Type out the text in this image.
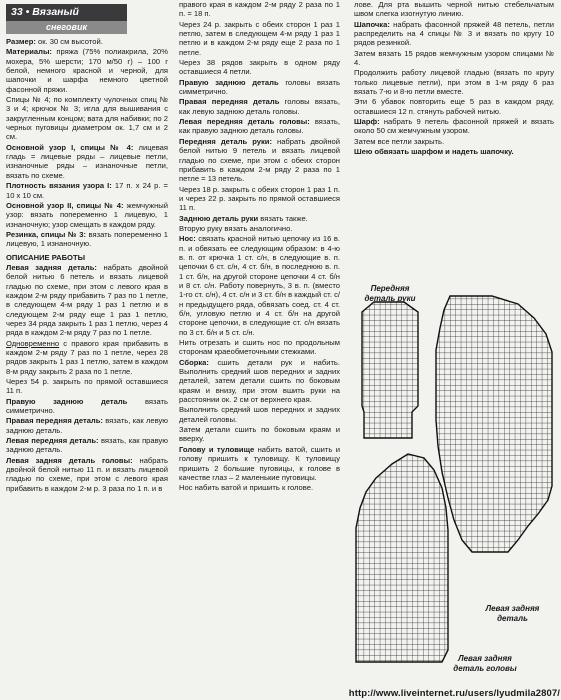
33 • Вязаный
снеговик

Размер: ок. 30 см высотой.

Материалы: пряжа (75% полиакрила, 20% мохера, 5% шерсти; 170 м/50 г) – 100 г белой, немного красной и черной, для шапочки и шарфа немного цветной фасонной пряжи.

Спицы № 4; по комплекту чулочных спиц № 3 и 4; крючок № 3; игла для вышивания с закругленным концом; вата для набивки; по 2 черных пуговицы диаметром ок. 1,7 см и 2 см.

Основной узор I, спицы № 4: лицевая гладь = лицевые ряды – лицевые петли, изнаночные ряды – изнаночные петли, вязать по схеме.

Плотность вязания узора I: 17 п. х 24 р. = 10 х 10 см.

Основной узор II, спицы № 4: жемчужный узор: вязать попеременно 1 лицевую, 1 изнаночную; узор смещать в каждом ряду.

Резинка, спицы № 3: вязать попеременно 1 лицевую, 1 изнаночную.

ОПИСАНИЕ РАБОТЫ

Левая задняя деталь: набрать двойной белой нитью 6 петель и вязать лицевой гладью по схеме, при этом с левого края в каждом 2-м ряду прибавить 7 раз по 1 петле, в следующем 4-м ряду 1 раз 1 петлю и в следующем 2-м ряду еще 1 раз 1 петлю, через 34 ряда закрыть 1 раз 1 петлю, через 4 ряда в каждом 2-м ряду 7 раз по 1 петле.

Одновременно с правого края прибавить в каждом 2-м ряду 7 раз по 1 петле, через 28 рядов закрыть 1 раз 1 петлю, затем в каждом 8-м ряду закрыть 2 раза по 1 петле.

Через 54 р. закрыть по прямой оставшиеся 11 п.

Правую заднюю деталь вязать симметрично.

Правая передняя деталь: вязать, как левую заднюю деталь.

Левая передняя деталь: вязать, как правую заднюю деталь.

Левая задняя деталь головы: набрать двойной белой нитью 11 п. и вязать лицевой гладью по схеме, при этом с левого края прибавить в каждом 2-м р. 3 раза по 1 п. и в

правого края в каждом 2-м ряду 2 раза по 1 п. = 18 п.

Через 24 р. закрыть с обеих сторон 1 раз 1 петлю, затем в следующем 4-м ряду 1 раз 1 петлю и в каждом 2-м ряду еще 2 раза по 1 петле.

Через 38 рядов закрыть в одном ряду оставшиеся 4 петли.

Правую заднюю деталь головы вязать симметрично.

Правая передняя деталь головы вязать, как левую заднюю деталь головы.

Левая передняя деталь головы: вязать, как правую заднюю деталь головы.

Передняя деталь руки: набрать двойной белой нитью 9 петель и вязать лицевой гладью по схеме, при этом с обеих сторон прибавить в каждом 2-м ряду 2 раза по 1 петле = 13 петель.

Через 18 р. закрыть с обеих сторон 1 раз 1 п. и через 22 р. закрыть по прямой оставшиеся 11 п.

Заднюю деталь руки вязать также.

Вторую руку вязать аналогично.

Нос: связать красной нитью цепочку из 16 в. п. и обвязать ее следующим образом: в 4-ю в. п. от крючка 1 ст. с/н, в следующие в. п. цепочки 6 ст. с/н, 4 ст. б/н, в последнюю в. п. 1 ст. б/н, на другой стороне цепочки 4 ст. б/н и 8 ст. с/н. Работу повернуть, 3 в. п. (вместо 1-го ст. с/н), 4 ст. с/н и 3 ст. б/н в каждый ст. с/н предыдущего ряда, обвязать соед. ст. 4 ст. б/н, угловую петлю и 4 ст. б/н на другой стороне цепочки, в следующие ст. с/н вязать по 3 ст. б/н и 5 ст. с/н.

Нить отрезать и сшить нос по продольным сторонам краеобметочными стежками.

Сборка: сшить детали рук и набить. Выполнить средний шов передних и задних деталей, затем детали сшить по боковым краям и внизу, при этом вшить руки на расстоянии ок. 2 см от верхнего края.

Выполнить средний шов передних и задних деталей головы.

Затем детали сшить по боковым краям и вверху.

Голову и туловище набить ватой, сшить и голову пришить к туловищу. К туловищу пришить 2 большие пуговицы, к голове в качестве глаз – 2 маленькие пуговицы.

Нос набить ватой и пришить к голове.

лове. Для рта вышить черной нитью стебельчатым швом слегка изогнутую линию.

Шапочка: набрать фасонной пряжей 48 петель, петли распределить на 4 спицы № 3 и вязать по кругу 10 рядов резинкой.

Затем вязать 15 рядов жемчужным узором спицами № 4.

Продолжить работу лицевой гладью (вязать по кругу только лицевые петли), при этом в 1-м ряду 6 раз вязать 7-ю и 8-ю петли вместе.

Эти 6 убавок повторить еще 5 раз в каждом ряду, оставшиеся 12 п. стянуть рабочей нитью.

Шарф: набрать 9 петель фасонной пряжей и вязать около 50 см жемчужным узором.

Затем все петли закрыть.

Шею обвязать шарфом и надеть шапочку.

Передняя деталь руки
Левая задняя деталь
Левая задняя деталь головы
http://www.liveinternet.ru/users/lyudmila2807/
